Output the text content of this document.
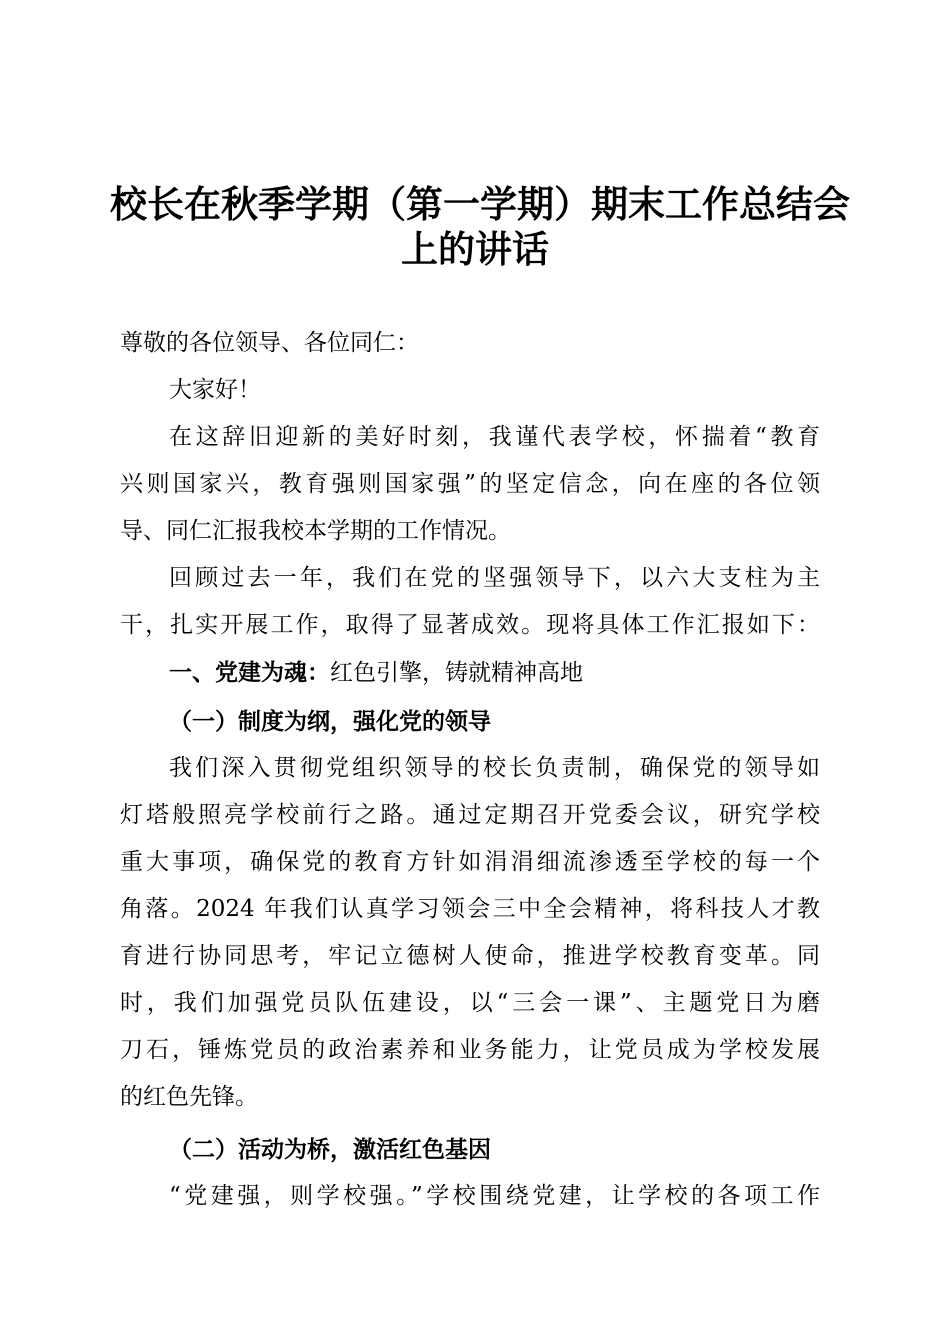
校长在秋季学期（第一学期）期末工作总结会
上的讲话
尊敬的各位领导、各位同仁：
大家好！
在这辞旧迎新的美好时刻，我谨代表学校，怀揣着“教育
兴则国家兴，教育强则国家强”的坚定信念，向在座的各位领
导、同仁汇报我校本学期的工作情况。
回顾过去一年，我们在党的坚强领导下，以六大支柱为主
干，扎实开展工作，取得了显著成效。现将具体工作汇报如下：
一、党建为魂：红色引擎，铸就精神高地
（一）制度为纲，强化党的领导
我们深入贯彻党组织领导的校长负责制，确保党的领导如
灯塔般照亮学校前行之路。通过定期召开党委会议，研究学校
重大事项，确保党的教育方针如涓涓细流渗透至学校的每一个
角落。2024 年我们认真学习领会三中全会精神，将科技人才教
育进行协同思考，牢记立德树人使命，推进学校教育变革。同
时，我们加强党员队伍建设，以“三会一课”、主题党日为磨
刀石，锤炼党员的政治素养和业务能力，让党员成为学校发展
的红色先锋。
（二）活动为桥，激活红色基因
“党建强，则学校强。”学校围绕党建，让学校的各项工作
